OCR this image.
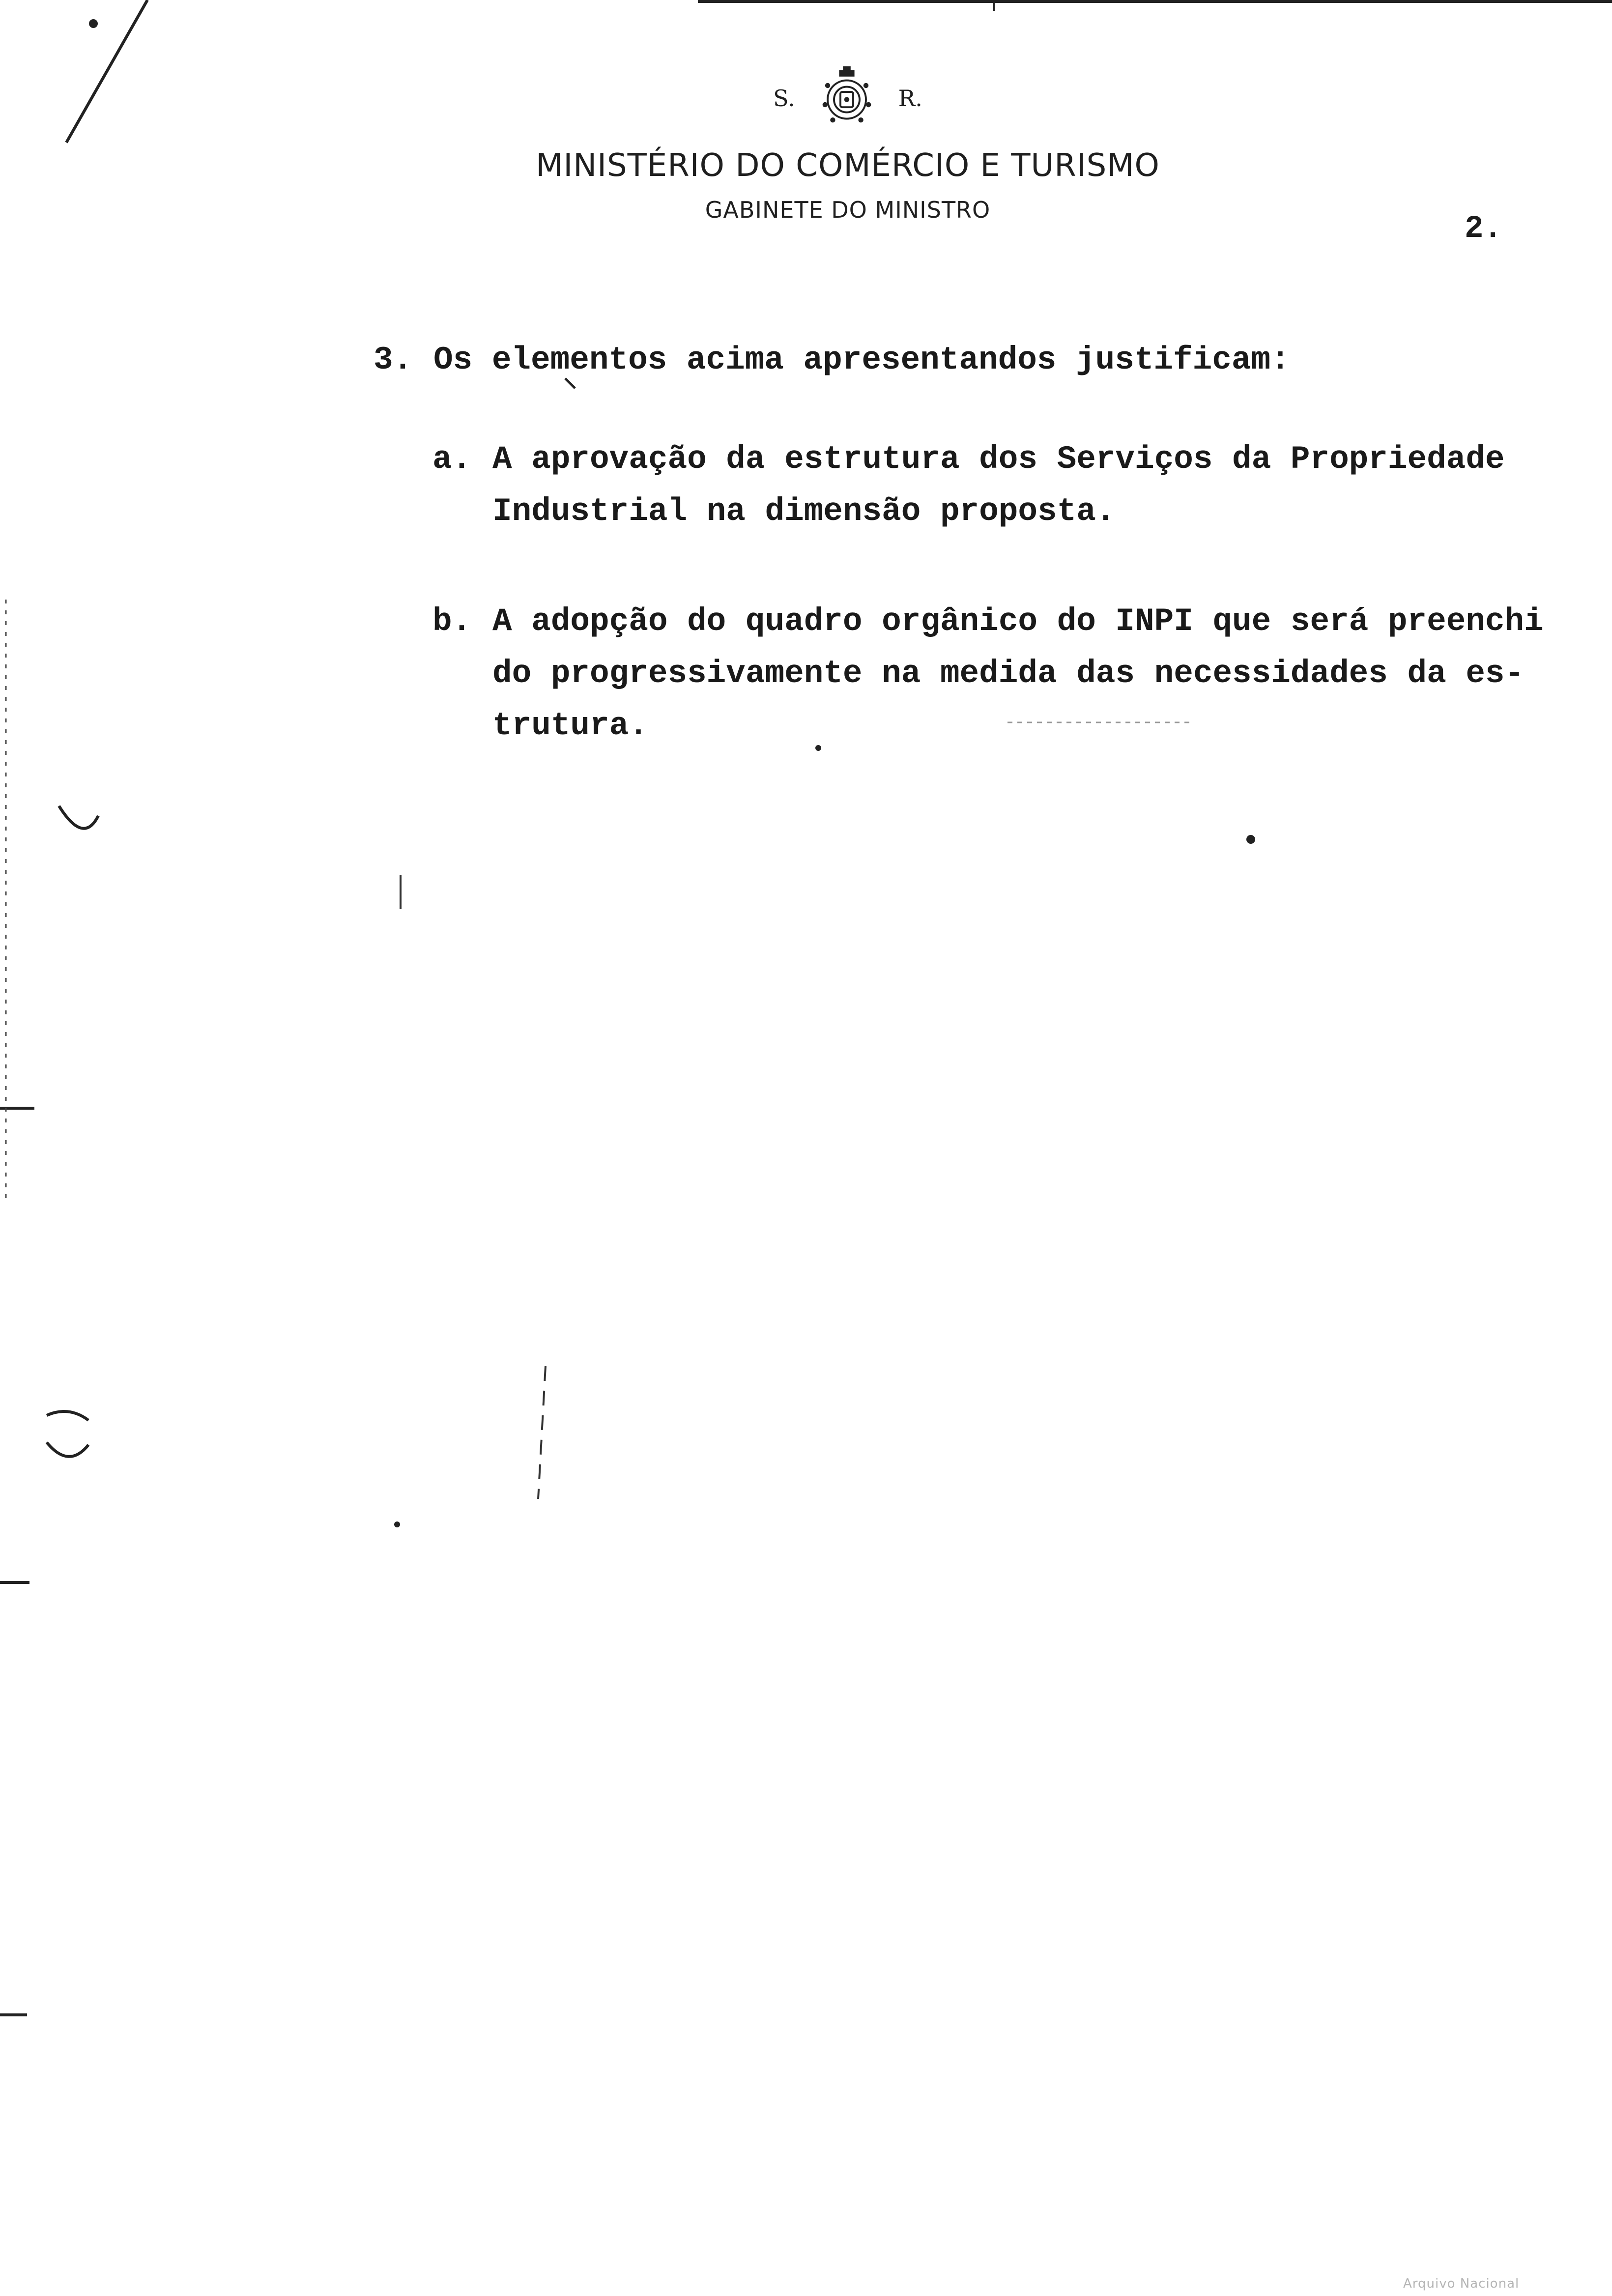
S.	R.
MINISTÉRIO DO COMÉRCIO E TURISMO
GABINETE DO MINISTRO
2.
3. Os elementos acima apresentandos justificam:
a. A aprovação da estrutura dos Serviços da Propriedade
Industrial na dimensão proposta.
b. A adopção do quadro orgânico do INPI que será preenchi
do progressivamente na medida das necessidades da es-
trutura.
Arquivo Nacional
